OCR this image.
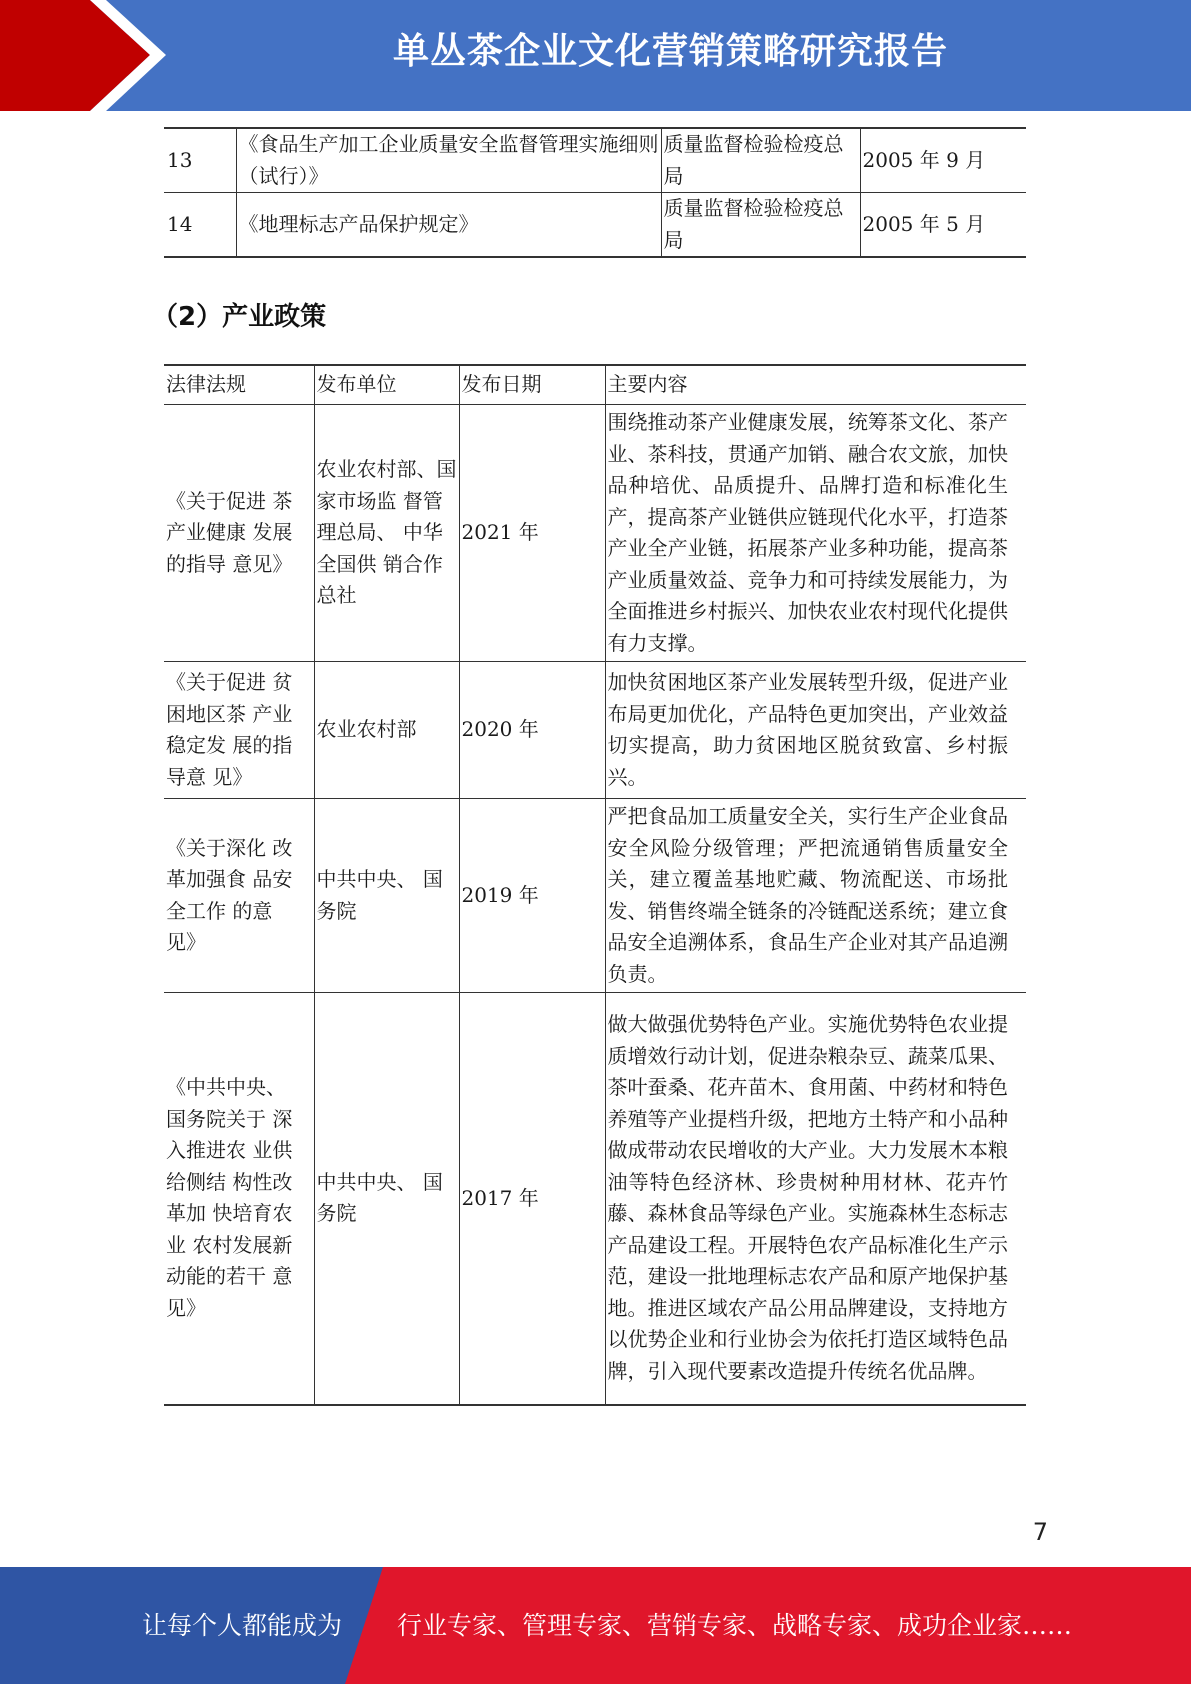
单丛茶企业文化营销策略研究报告
13	《食品生产加工企业质量安全监督管理实施细则（试行）》	质量监督检验检疫总局	2005 年 9 月
14	《地理标志产品保护规定》	质量监督检验检疫总局	2005 年 5 月
（2）产业政策
法律法规	发布单位	发布日期	主要内容
《关于促进 茶产业健康 发展的指导 意见》	农业农村部、国家市场监 督管理总局、 中华全国供 销合作总社	2021 年	围绕推动茶产业健康发展，统筹茶文化、茶产业、茶科技，贯通产加销、融合农文旅，加快品种培优、品质提升、品牌打造和标准化生产，提高茶产业链供应链现代化水平，打造茶产业全产业链，拓展茶产业多种功能，提高茶产业质量效益、竞争力和可持续发展能力，为全面推进乡村振兴、加快农业农村现代化提供有力支撑。
《关于促进 贫困地区茶 产业稳定发 展的指导意 见》	农业农村部	2020 年	加快贫困地区茶产业发展转型升级，促进产业布局更加优化，产品特色更加突出，产业效益切实提高，助力贫困地区脱贫致富、乡村振兴。
《关于深化 改革加强食 品安全工作 的意见》	中共中央、 国务院	2019 年	严把食品加工质量安全关，实行生产企业食品安全风险分级管理；严把流通销售质量安全关，建立覆盖基地贮藏、物流配送、市场批发、销售终端全链条的冷链配送系统；建立食品安全追溯体系，食品生产企业对其产品追溯负责。
《中共中央、国务院关于 深入推进农 业供给侧结 构性改革加 快培育农业 农村发展新 动能的若干 意见》	中共中央、 国务院	2017 年	做大做强优势特色产业。实施优势特色农业提质增效行动计划，促进杂粮杂豆、蔬菜瓜果、茶叶蚕桑、花卉苗木、食用菌、中药材和特色养殖等产业提档升级，把地方土特产和小品种做成带动农民增收的大产业。大力发展木本粮油等特色经济林、珍贵树种用材林、花卉竹藤、森林食品等绿色产业。实施森林生态标志产品建设工程。开展特色农产品标准化生产示范，建设一批地理标志农产品和原产地保护基地。推进区域农产品公用品牌建设，支持地方以优势企业和行业协会为依托打造区域特色品牌，引入现代要素改造提升传统名优品牌。
7
让每个人都能成为 行业专家、管理专家、营销专家、战略专家、成功企业家……
